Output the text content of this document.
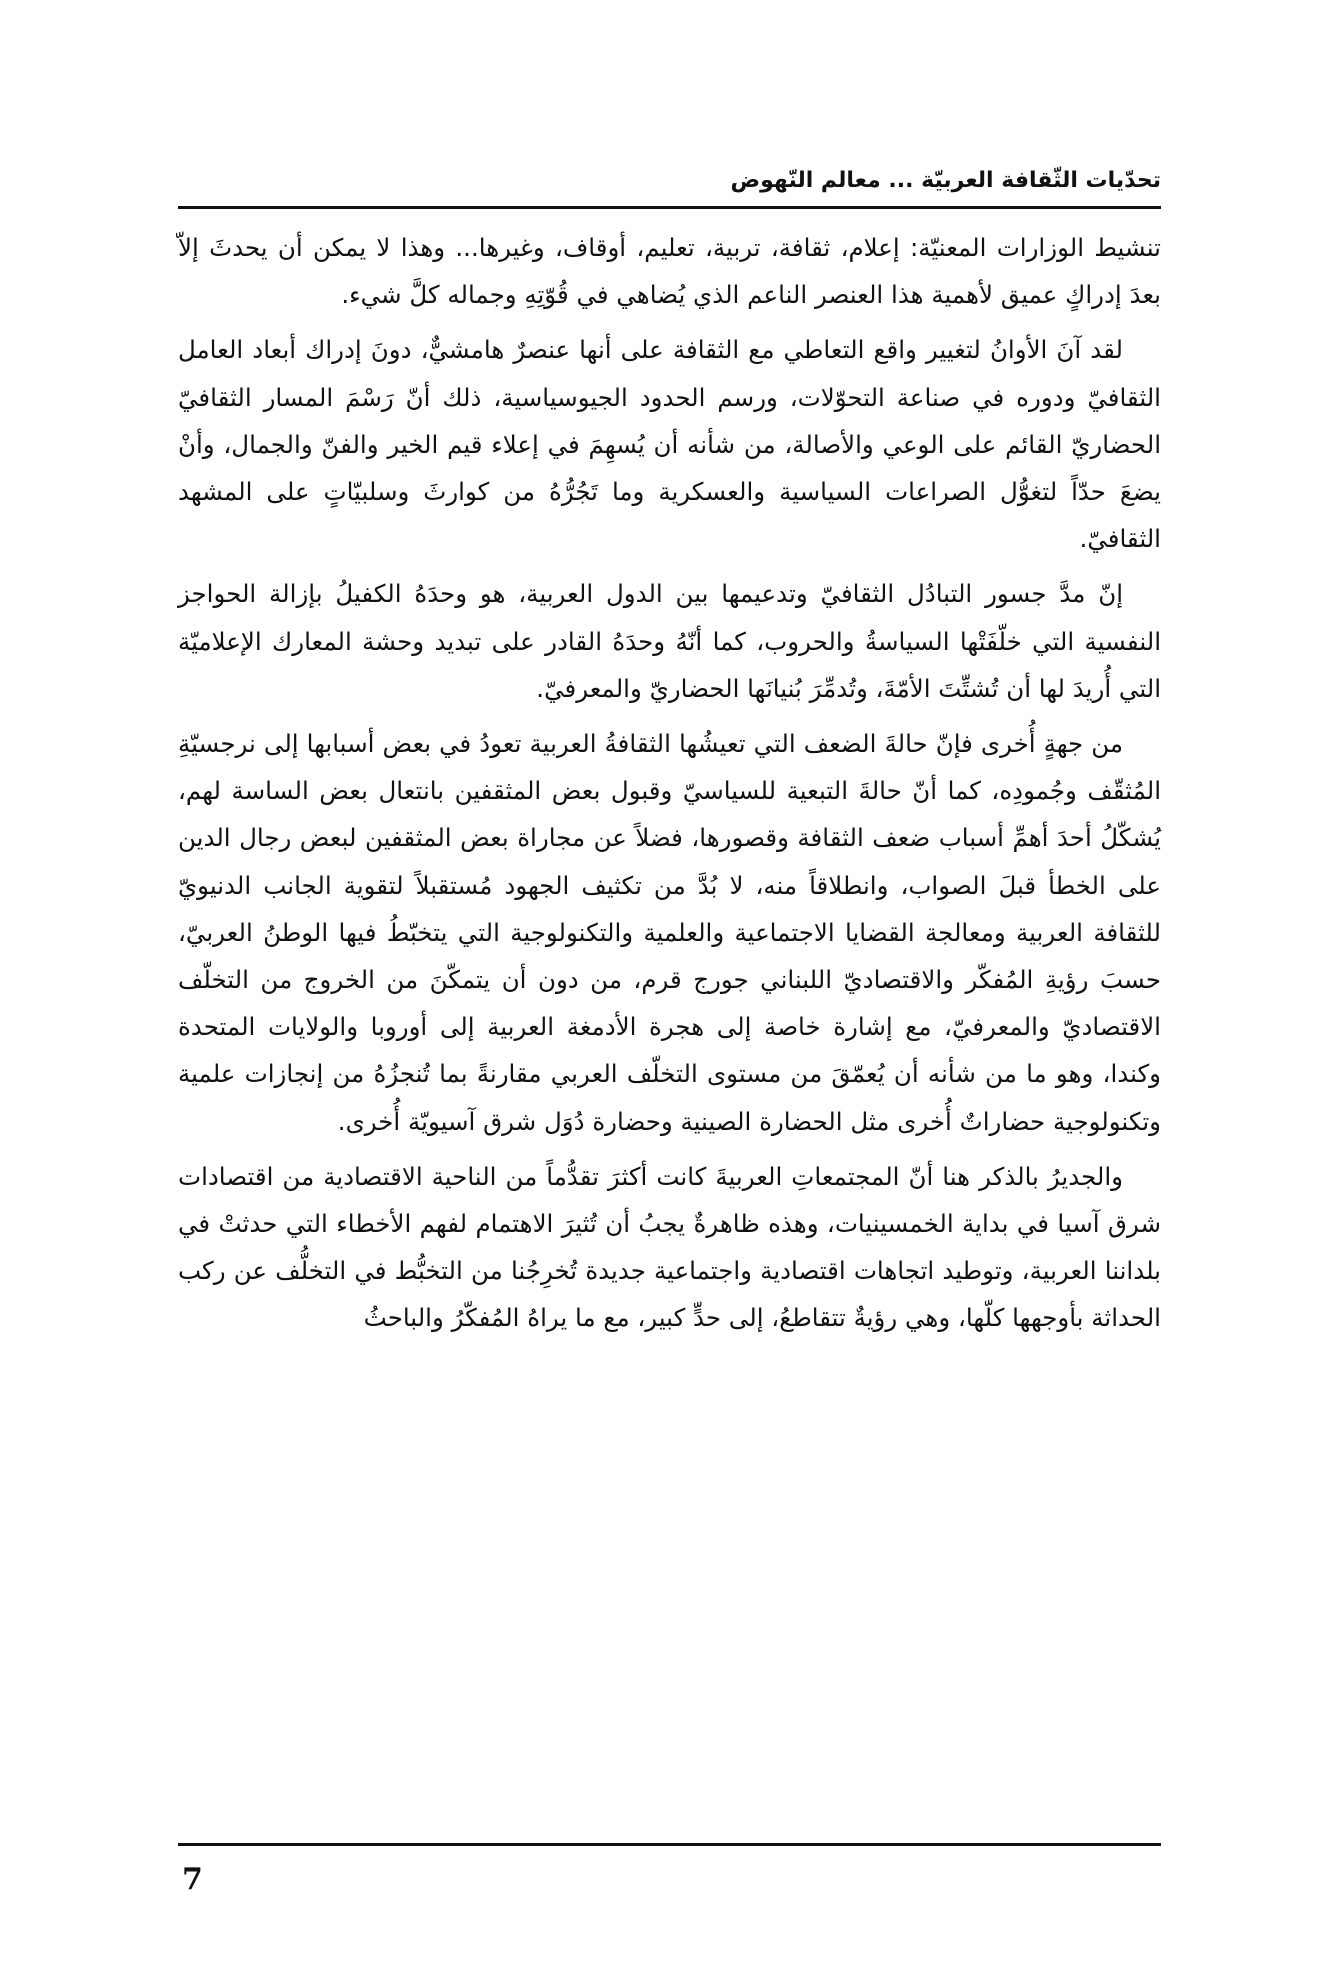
تحدّيات الثّقافة العربيّة ... معالم النّهوض

تنشيط الوزارات المعنيّة: إعلام، ثقافة، تربية، تعليم، أوقاف، وغيرها... وهذا لا يمكن أن يحدثَ إلاّ بعدَ إدراكٍ عميق لأهمية هذا العنصر الناعم الذي يُضاهي في قُوّتِهِ وجماله كلَّ شيء.

لقد آنَ الأوانُ لتغيير واقع التعاطي مع الثقافة على أنها عنصرٌ هامشيٌّ، دونَ إدراك أبعاد العامل الثقافيّ ودوره في صناعة التحوّلات، ورسم الحدود الجيوسياسية، ذلك أنّ رَسْمَ المسار الثقافيّ الحضاريّ القائم على الوعي والأصالة، من شأنه أن يُسهِمَ في إعلاء قيم الخير والفنّ والجمال، وأنْ يضعَ حدّاً لتغوُّل الصراعات السياسية والعسكرية وما تَجُرُّهُ من كوارثَ وسلبيّاتٍ على المشهد الثقافيّ.

إنّ مدَّ جسور التبادُل الثقافيّ وتدعيمها بين الدول العربية، هو وحدَهُ الكفيلُ بإزالة الحواجز النفسية التي خلّفَتْها السياسةُ والحروب، كما أنّهُ وحدَهُ القادر على تبديد وحشة المعارك الإعلاميّة التي أُريدَ لها أن تُشتِّتَ الأمّةَ، وتُدمِّرَ بُنيانَها الحضاريّ والمعرفيّ.

من جهةٍ أُخرى فإنّ حالةَ الضعف التي تعيشُها الثقافةُ العربية تعودُ في بعض أسبابها إلى نرجسيّةِ المُثقّف وجُمودِه، كما أنّ حالةَ التبعية للسياسيّ وقبول بعض المثقفين بانتعال بعض الساسة لهم، يُشكّلُ أحدَ أهمِّ أسباب ضعف الثقافة وقصورها، فضلاً عن مجاراة بعض المثقفين لبعض رجال الدين على الخطأ قبلَ الصواب، وانطلاقاً منه، لا بُدَّ من تكثيف الجهود مُستقبلاً لتقوية الجانب الدنيويّ للثقافة العربية ومعالجة القضايا الاجتماعية والعلمية والتكنولوجية التي يتخبّطُ فيها الوطنُ العربيّ، حسبَ رؤيةِ المُفكّر والاقتصاديّ اللبناني جورج قرم، من دون أن يتمكّنَ من الخروج من التخلّف الاقتصاديّ والمعرفيّ، مع إشارة خاصة إلى هجرة الأدمغة العربية إلى أوروبا والولايات المتحدة وكندا، وهو ما من شأنه أن يُعمّقَ من مستوى التخلّف العربي مقارنةً بما تُنجزُهُ من إنجازات علمية وتكنولوجية حضاراتٌ أُخرى مثل الحضارة الصينية وحضارة دُوَل شرق آسيويّة أُخرى.

والجديرُ بالذكر هنا أنّ المجتمعاتِ العربيةَ كانت أكثرَ تقدُّماً من الناحية الاقتصادية من اقتصادات شرق آسيا في بداية الخمسينيات، وهذه ظاهرةٌ يجبُ أن تُثيرَ الاهتمام لفهم الأخطاء التي حدثتْ في بلداننا العربية، وتوطيد اتجاهات اقتصادية واجتماعية جديدة تُخرِجُنا من التخبُّط في التخلُّف عن ركب الحداثة بأوجهها كلّها، وهي رؤيةٌ تتقاطعُ، إلى حدٍّ كبير، مع ما يراهُ المُفكّرُ والباحثُ

7
